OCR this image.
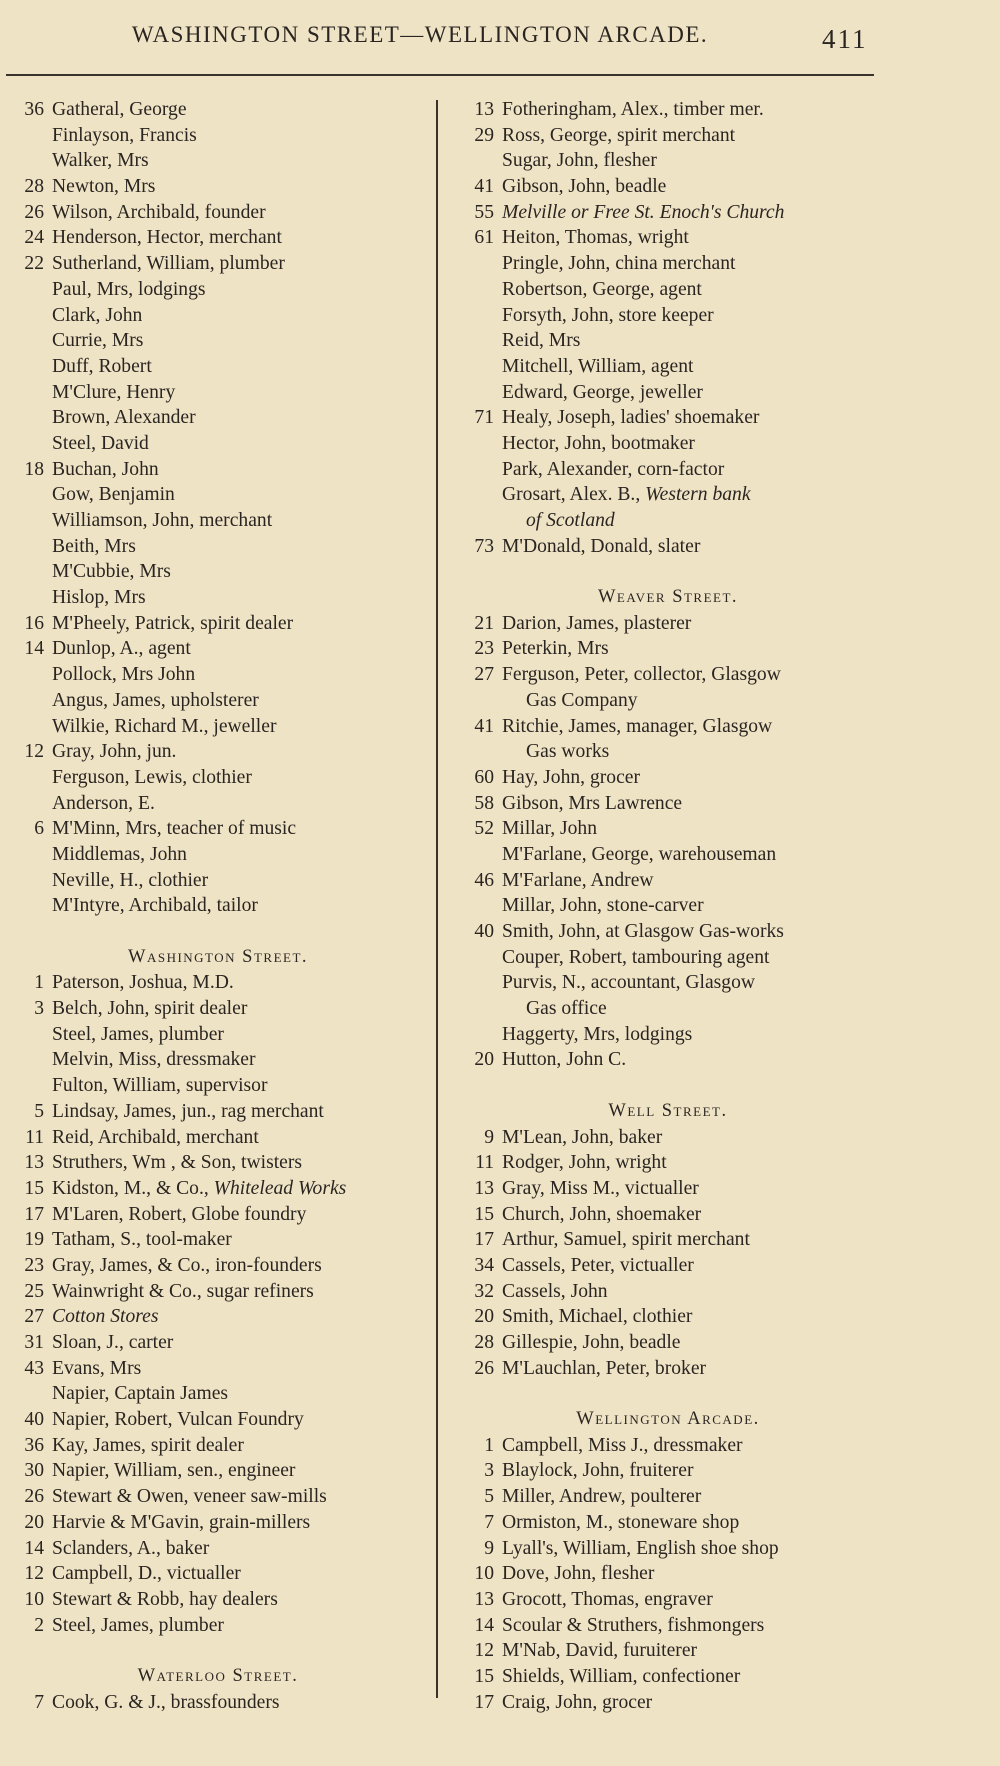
WASHINGTON STREET—WELLINGTON ARCADE.	411
36 Gatheral, George
Finlayson, Francis
Walker, Mrs
28 Newton, Mrs
26 Wilson, Archibald, founder
24 Henderson, Hector, merchant
22 Sutherland, William, plumber
Paul, Mrs, lodgings
Clark, John
Currie, Mrs
Duff, Robert
M'Clure, Henry
Brown, Alexander
Steel, David
18 Buchan, John
Gow, Benjamin
Williamson, John, merchant
Beith, Mrs
M'Cubbie, Mrs
Hislop, Mrs
16 M'Pheely, Patrick, spirit dealer
14 Dunlop, A., agent
Pollock, Mrs John
Angus, James, upholsterer
Wilkie, Richard M., jeweller
12 Gray, John, jun.
Ferguson, Lewis, clothier
Anderson, E.
6 M'Minn, Mrs, teacher of music
Middlemas, John
Neville, H., clothier
M'Intyre, Archibald, tailor
Washington Street.
1 Paterson, Joshua, M.D.
3 Belch, John, spirit dealer
Steel, James, plumber
Melvin, Miss, dressmaker
Fulton, William, supervisor
5 Lindsay, James, jun., rag merchant
11 Reid, Archibald, merchant
13 Struthers, Wm , & Son, twisters
15 Kidston, M., & Co., Whitelead Works
17 M'Laren, Robert, Globe foundry
19 Tatham, S., tool-maker
23 Gray, James, & Co., iron-founders
25 Wainwright & Co., sugar refiners
27 Cotton Stores
31 Sloan, J., carter
43 Evans, Mrs
Napier, Captain James
40 Napier, Robert, Vulcan Foundry
36 Kay, James, spirit dealer
30 Napier, William, sen., engineer
26 Stewart & Owen, veneer saw-mills
20 Harvie & M'Gavin, grain-millers
14 Sclanders, A., baker
12 Campbell, D., victualler
10 Stewart & Robb, hay dealers
2 Steel, James, plumber
Waterloo Street.
7 Cook, G. & J., brassfounders
13 Fotheringham, Alex., timber mer.
29 Ross, George, spirit merchant
Sugar, John, flesher
41 Gibson, John, beadle
55 Melville or Free St. Enoch's Church
61 Heiton, Thomas, wright
Pringle, John, china merchant
Robertson, George, agent
Forsyth, John, store keeper
Reid, Mrs
Mitchell, William, agent
Edward, George, jeweller
71 Healy, Joseph, ladies' shoemaker
Hector, John, bootmaker
Park, Alexander, corn-factor
Grosart, Alex. B., Western bank
of Scotland
73 M'Donald, Donald, slater
Weaver Street.
21 Darion, James, plasterer
23 Peterkin, Mrs
27 Ferguson, Peter, collector, Glasgow
Gas Company
41 Ritchie, James, manager, Glasgow
Gas works
60 Hay, John, grocer
58 Gibson, Mrs Lawrence
52 Millar, John
M'Farlane, George, warehouseman
46 M'Farlane, Andrew
Millar, John, stone-carver
40 Smith, John, at Glasgow Gas-works
Couper, Robert, tambouring agent
Purvis, N., accountant, Glasgow
Gas office
Haggerty, Mrs, lodgings
20 Hutton, John C.
Well Street.
9 M'Lean, John, baker
11 Rodger, John, wright
13 Gray, Miss M., victualler
15 Church, John, shoemaker
17 Arthur, Samuel, spirit merchant
34 Cassels, Peter, victualler
32 Cassels, John
20 Smith, Michael, clothier
28 Gillespie, John, beadle
26 M'Lauchlan, Peter, broker
Wellington Arcade.
1 Campbell, Miss J., dressmaker
3 Blaylock, John, fruiterer
5 Miller, Andrew, poulterer
7 Ormiston, M., stoneware shop
9 Lyall's, William, English shoe shop
10 Dove, John, flesher
13 Grocott, Thomas, engraver
14 Scoular & Struthers, fishmongers
12 M'Nab, David, furuiterer
15 Shields, William, confectioner
17 Craig, John, grocer
